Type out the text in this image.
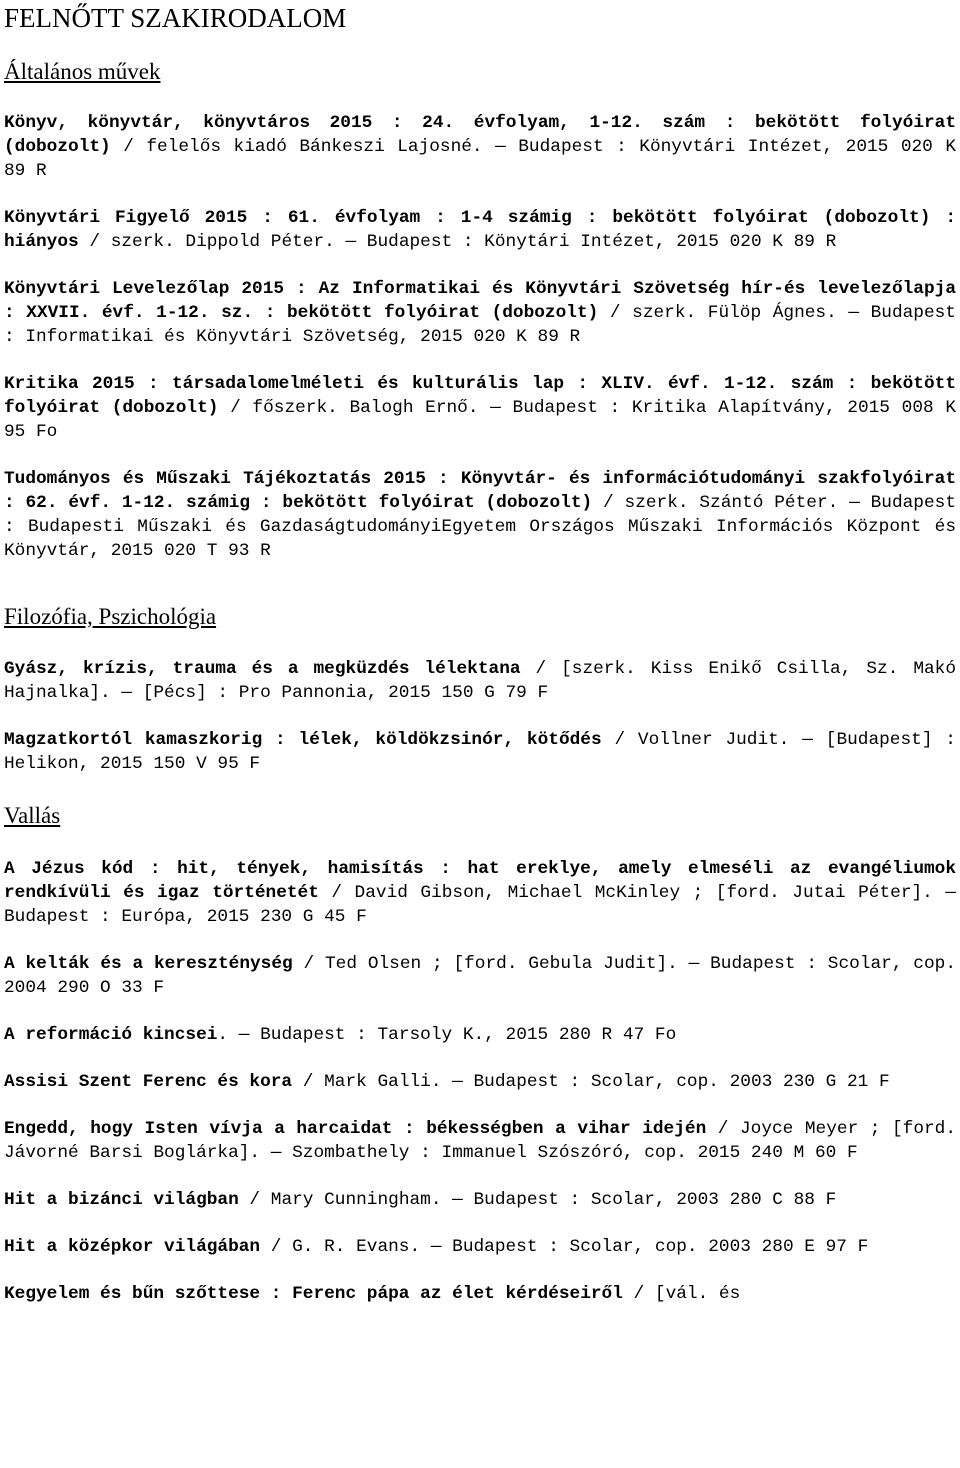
FELNŐTT SZAKIRODALOM
Általános művek

Könyv, könyvtár, könyvtáros 2015 : 24. évfolyam, 1-12. szám : bekötött folyóirat (dobozolt) / felelős kiadó Bánkeszi Lajosné. ― Budapest : Könyvtári Intézet, 2015 020 K 89 R

Könyvtári Figyelő 2015 : 61. évfolyam : 1-4 számig : bekötött folyóirat (dobozolt) : hiányos / szerk. Dippold Péter. ― Budapest : Könytári Intézet, 2015 020 K 89 R

Könyvtári Levelezőlap 2015 : Az Informatikai és Könyvtári Szövetség hír-és levelezőlapja : XXVII. évf. 1-12. sz. : bekötött folyóirat (dobozolt) / szerk. Fülöp Ágnes. ― Budapest : Informatikai és Könyvtári Szövetség, 2015 020 K 89 R

Kritika 2015 : társadalomelméleti és kulturális lap : XLIV. évf. 1-12. szám : bekötött folyóirat (dobozolt) / főszerk. Balogh Ernő. ― Budapest : Kritika Alapítvány, 2015 008 K 95 Fo

Tudományos és Műszaki Tájékoztatás 2015 : Könyvtár- és információtudományi szakfolyóirat : 62. évf. 1-12. számig : bekötött folyóirat (dobozolt) / szerk. Szántó Péter. ― Budapest : Budapesti Műszaki és GazdaságtudományiEgyetem Országos Műszaki Információs Központ és Könyvtár, 2015 020 T 93 R

Filozófia, Pszichológia

Gyász, krízis, trauma és a megküzdés lélektana / [szerk. Kiss Enikő Csilla, Sz. Makó Hajnalka]. ― [Pécs] : Pro Pannonia, 2015 150 G 79 F

Magzatkortól kamaszkorig : lélek, köldökzsinór, kötődés / Vollner Judit. ― [Budapest] : Helikon, 2015 150 V 95 F

Vallás

A Jézus kód : hit, tények, hamisítás : hat ereklye, amely elmeséli az evangéliumok rendkívüli és igaz történetét / David Gibson, Michael McKinley ; [ford. Jutai Péter]. ― Budapest : Európa, 2015 230 G 45 F

A kelták és a kereszténység / Ted Olsen ; [ford. Gebula Judit]. ― Budapest : Scolar, cop. 2004 290 O 33 F

A reformáció kincsei. ― Budapest : Tarsoly K., 2015 280 R 47 Fo

Assisi Szent Ferenc és kora / Mark Galli. ― Budapest : Scolar, cop. 2003 230 G 21 F

Engedd, hogy Isten vívja a harcaidat : békességben a vihar idején / Joyce Meyer ; [ford. Jávorné Barsi Boglárka]. ― Szombathely : Immanuel Szószóró, cop. 2015 240 M 60 F

Hit a bizánci világban / Mary Cunningham. ― Budapest : Scolar, 2003 280 C 88 F

Hit a középkor világában / G. R. Evans. ― Budapest : Scolar, cop. 2003 280 E 97 F

Kegyelem és bűn szőttese : Ferenc pápa az élet kérdéseiről / [vál. és
